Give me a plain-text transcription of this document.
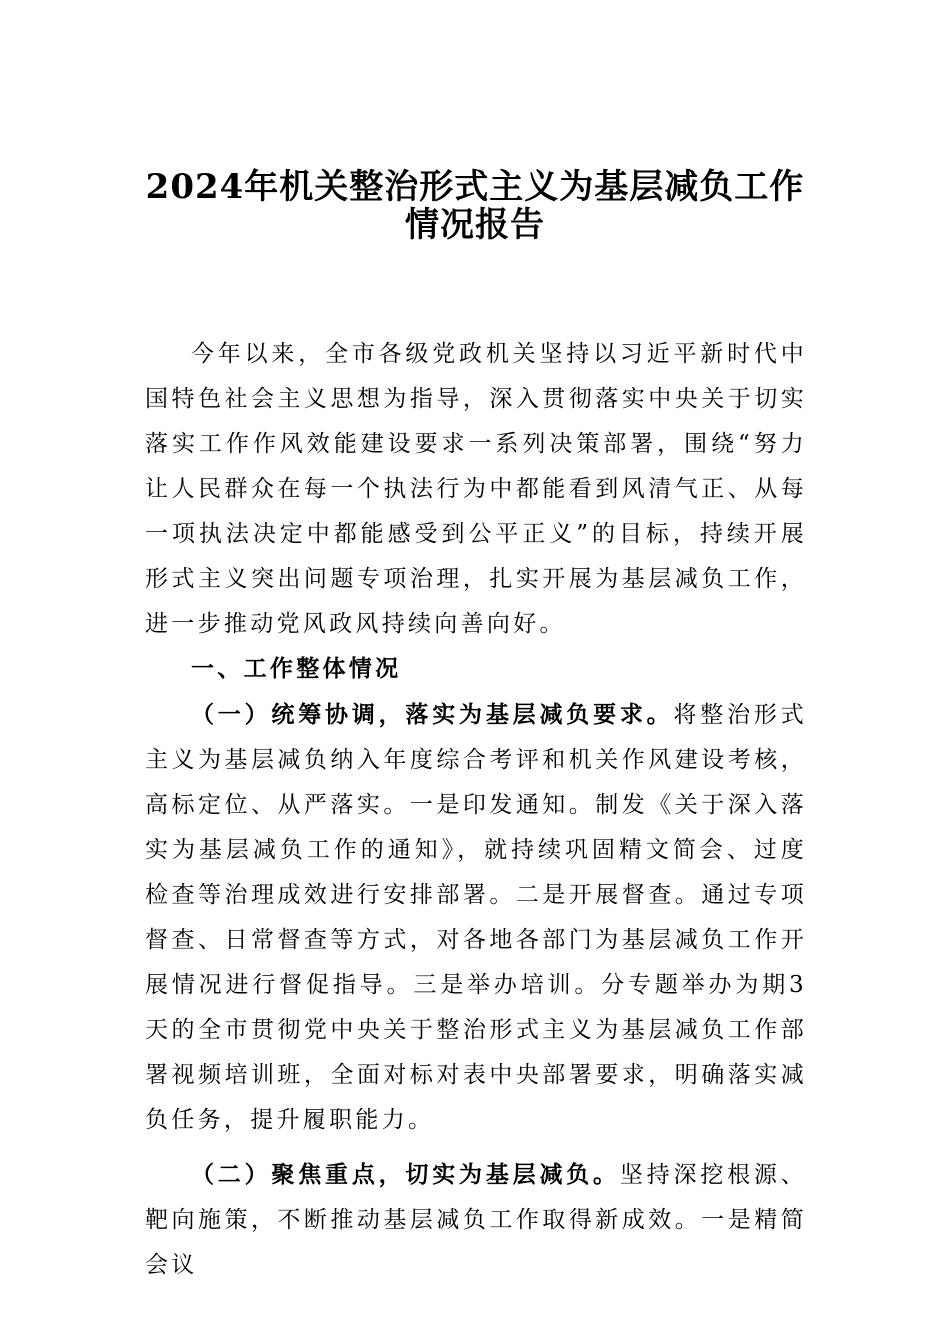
2024年机关整治形式主义为基层减负工作
情况报告

今年以来，全市各级党政机关坚持以习近平新时代中国特色社会主义思想为指导，深入贯彻落实中央关于切实落实工作作风效能建设要求一系列决策部署，围绕“努力让人民群众在每一个执法行为中都能看到风清气正、从每一项执法决定中都能感受到公平正义”的目标，持续开展形式主义突出问题专项治理，扎实开展为基层减负工作，进一步推动党风政风持续向善向好。

一、工作整体情况

（一）统筹协调，落实为基层减负要求。将整治形式主义为基层减负纳入年度综合考评和机关作风建设考核，高标定位、从严落实。一是印发通知。制发《关于深入落实为基层减负工作的通知》，就持续巩固精文简会、过度检查等治理成效进行安排部署。二是开展督查。通过专项督查、日常督查等方式，对各地各部门为基层减负工作开展情况进行督促指导。三是举办培训。分专题举办为期3天的全市贯彻党中央关于整治形式主义为基层减负工作部署视频培训班，全面对标对表中央部署要求，明确落实减负任务，提升履职能力。

（二）聚焦重点，切实为基层减负。坚持深挖根源、靶向施策，不断推动基层减负工作取得新成效。一是精简会议
